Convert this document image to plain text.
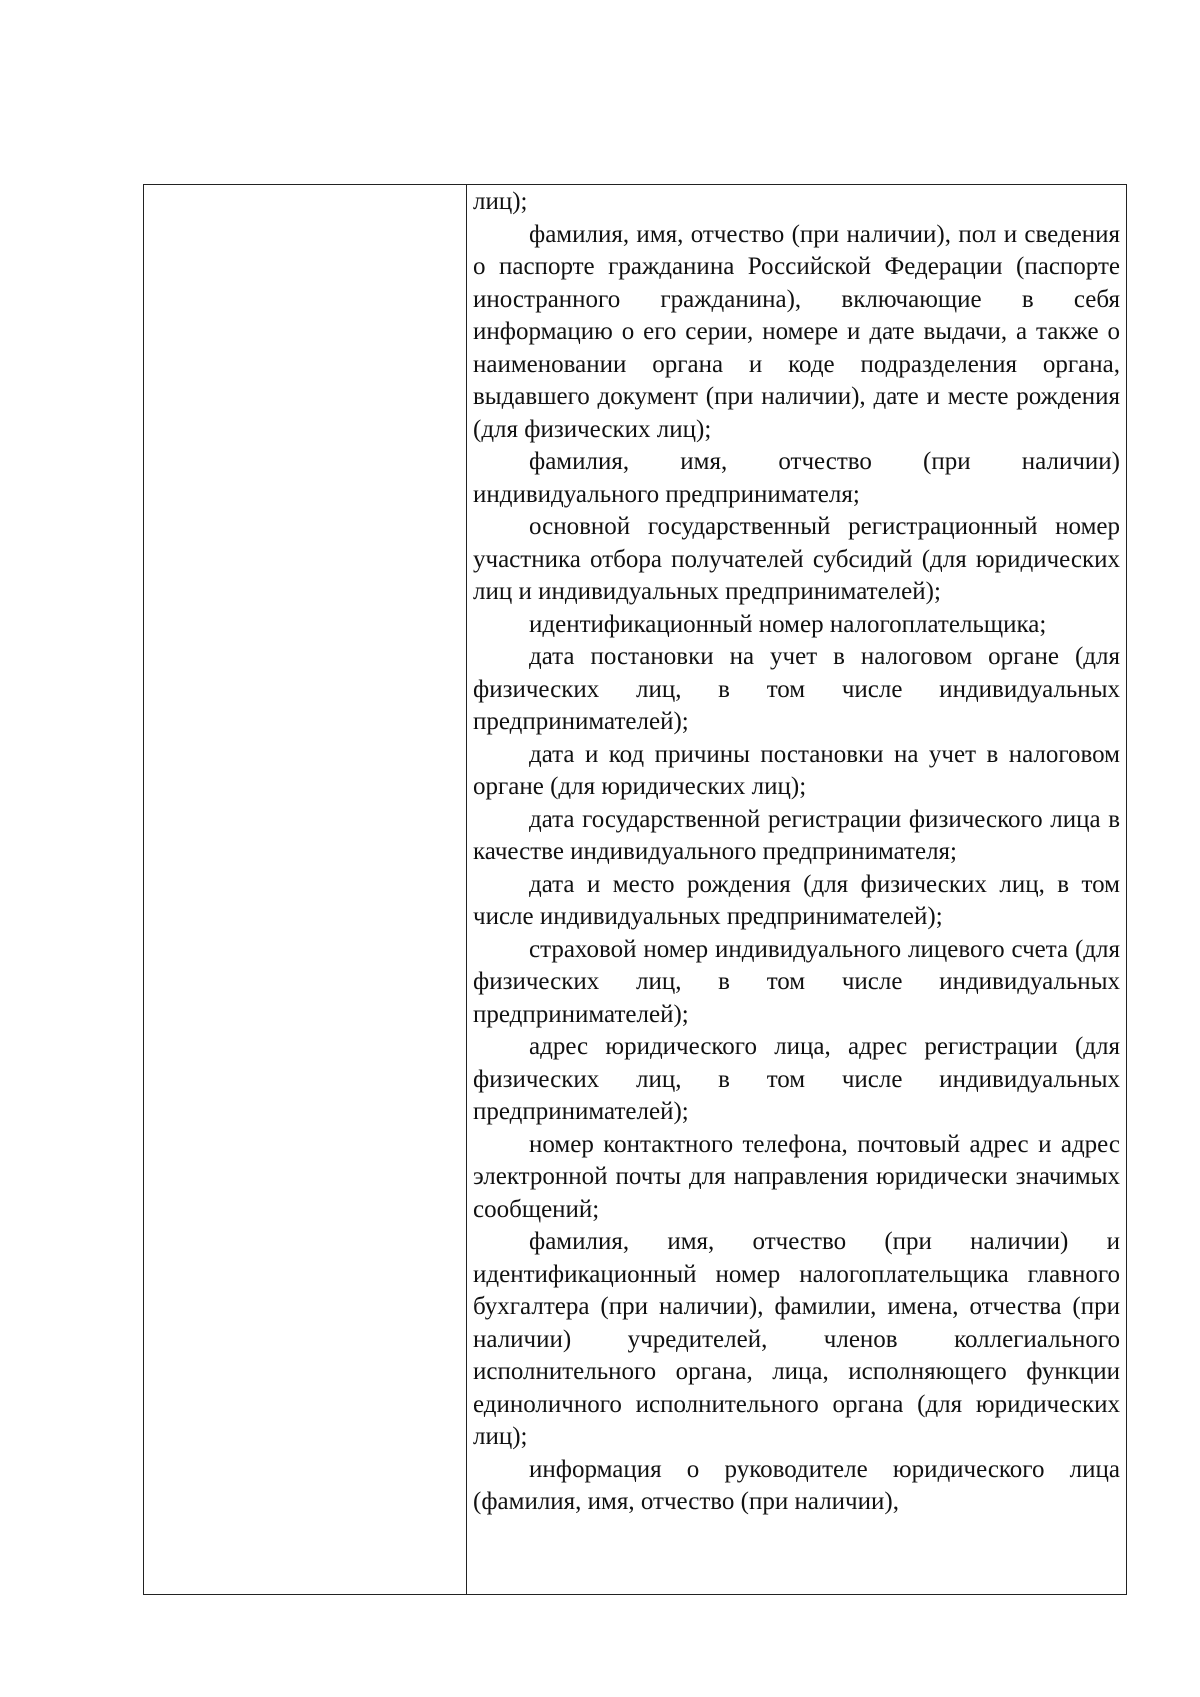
лиц);

фамилия, имя, отчество (при наличии), пол и сведения о паспорте гражданина Российской Федерации (паспорте иностранного гражданина), включающие в себя информацию о его серии, номере и дате выдачи, а также о наименовании органа и коде подразделения органа, выдавшего документ (при наличии), дате и месте рождения (для физических лиц);

фамилия, имя, отчество (при наличии) индивидуального предпринимателя;

основной государственный регистрационный номер участника отбора получателей субсидий (для юридических лиц и индивидуальных предпринимателей);

идентификационный номер налогоплательщика;

дата постановки на учет в налоговом органе (для физических лиц, в том числе индивидуальных предпринимателей);

дата и код причины постановки на учет в налоговом органе (для юридических лиц);

дата государственной регистрации физического лица в качестве индивидуального предпринимателя;

дата и место рождения (для физических лиц, в том числе индивидуальных предпринимателей);

страховой номер индивидуального лицевого счета (для физических лиц, в том числе индивидуальных предпринимателей);

адрес юридического лица, адрес регистрации (для физических лиц, в том числе индивидуальных предпринимателей);

номер контактного телефона, почтовый адрес и адрес электронной почты для направления юридически значимых сообщений;

фамилия, имя, отчество (при наличии) и идентификационный номер налогоплательщика главного бухгалтера (при наличии), фамилии, имена, отчества (при наличии) учредителей, членов коллегиального исполнительного органа, лица, исполняющего функции единоличного исполнительного органа (для юридических лиц);

информация о руководителе юридического лица (фамилия, имя, отчество (при наличии),
